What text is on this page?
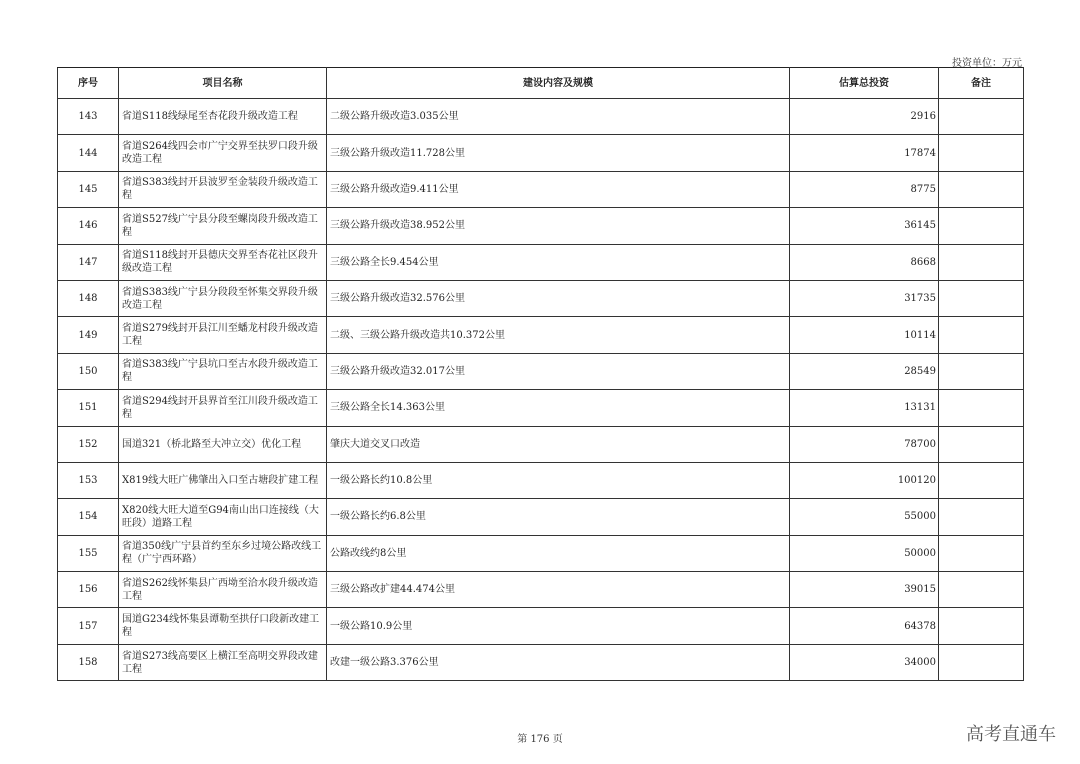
投资单位：万元
序号	项目名称	建设内容及规模	估算总投资	备注
143	省道S118线绿尾至杏花段升级改造工程	二级公路升级改造3.035公里	2916	
144	省道S264线四会市广宁交界至扶罗口段升级改造工程	三级公路升级改造11.728公里	17874	
145	省道S383线封开县波罗至金装段升级改造工程	三级公路升级改造9.411公里	8775	
146	省道S527线广宁县分段至螺岗段升级改造工程	三级公路升级改造38.952公里	36145	
147	省道S118线封开县德庆交界至杏花社区段升级改造工程	三级公路全长9.454公里	8668	
148	省道S383线广宁县分段段至怀集交界段升级改造工程	三级公路升级改造32.576公里	31735	
149	省道S279线封开县江川至蟠龙村段升级改造工程	二级、三级公路升级改造共10.372公里	10114	
150	省道S383线广宁县坑口至古水段升级改造工程	三级公路升级改造32.017公里	28549	
151	省道S294线封开县界首至江川段升级改造工程	三级公路全长14.363公里	13131	
152	国道321（桥北路至大冲立交）优化工程	肇庆大道交叉口改造	78700	
153	X819线大旺广佛肇出入口至古塘段扩建工程	一级公路长约10.8公里	100120	
154	X820线大旺大道至G94南山出口连接线（大旺段）道路工程	一级公路长约6.8公里	55000	
155	省道350线广宁县首约至东乡过境公路改线工程（广宁西环路）	公路改线约8公里	50000	
156	省道S262线怀集县广西坳至洽水段升级改造工程	三级公路改扩建44.474公里	39015	
157	国道G234线怀集县谭勒至拱仔口段新改建工程	一级公路10.9公里	64378	
158	省道S273线高要区上横江至高明交界段改建工程	改建一级公路3.376公里	34000	
第 176 页	高考直通车
